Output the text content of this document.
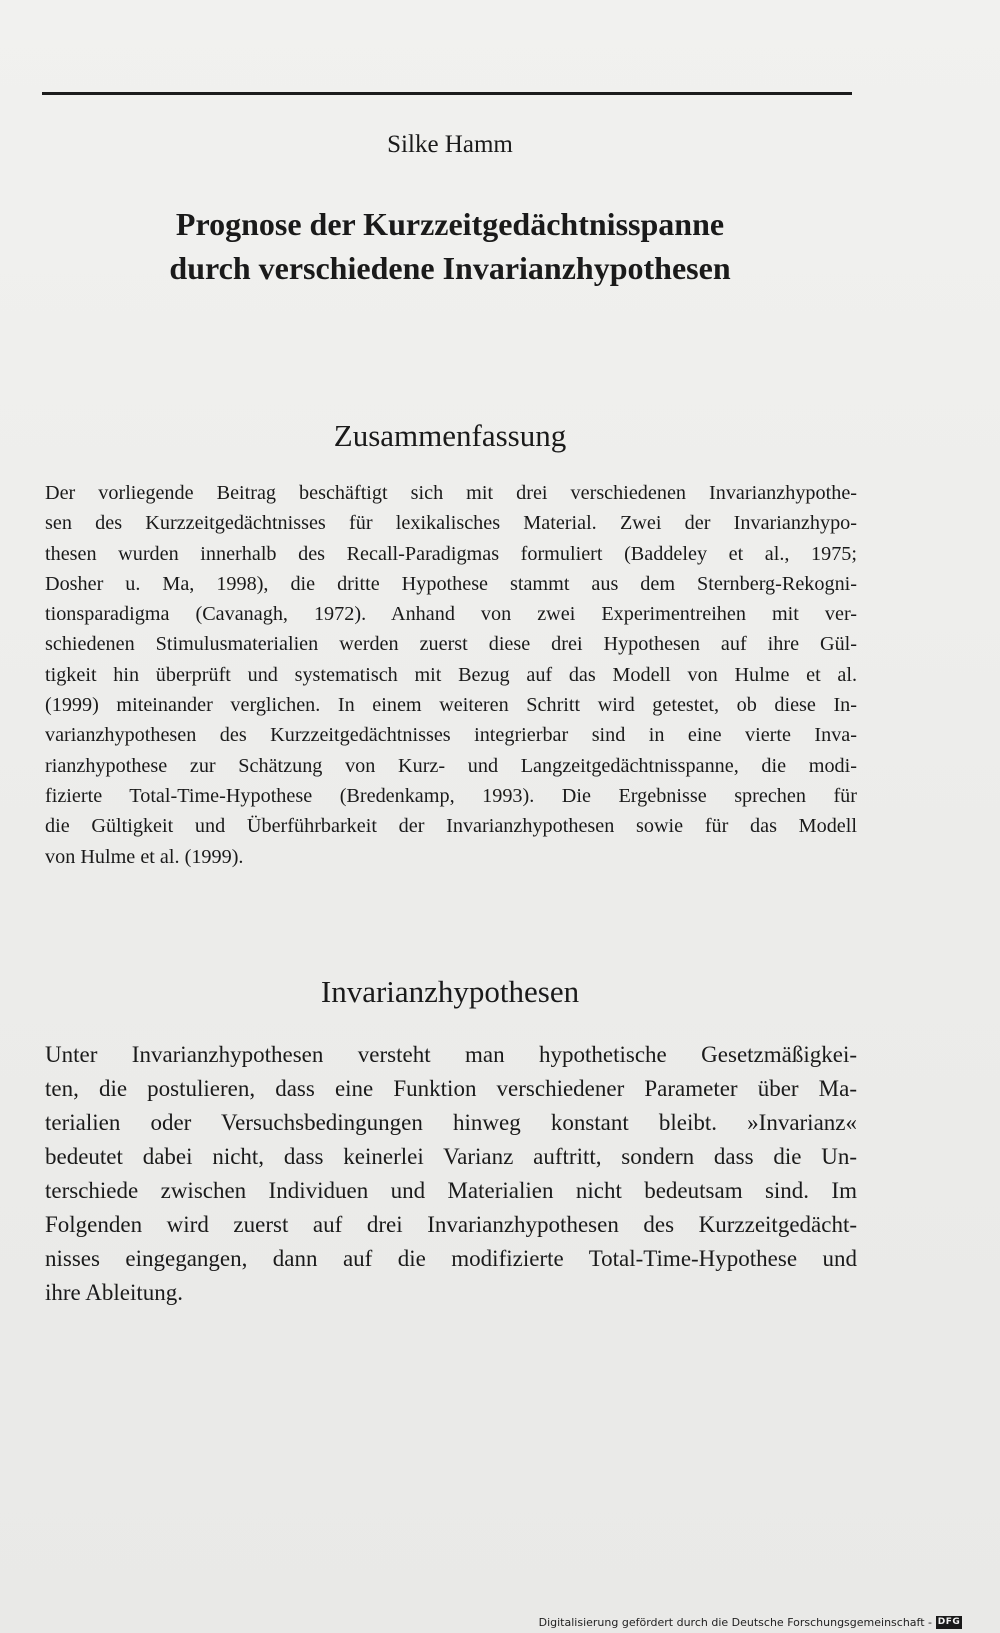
Silke Hamm
Prognose der Kurzzeitgedächtnisspanne
durch verschiedene Invarianzhypothesen
Zusammenfassung
Der vorliegende Beitrag beschäftigt sich mit drei verschiedenen Invarianzhypothe-
sen des Kurzzeitgedächtnisses für lexikalisches Material. Zwei der Invarianzhypo-
thesen wurden innerhalb des Recall-Paradigmas formuliert (Baddeley et al., 1975;
Dosher u. Ma, 1998), die dritte Hypothese stammt aus dem Sternberg-Rekogni-
tionsparadigma (Cavanagh, 1972). Anhand von zwei Experimentreihen mit ver-
schiedenen Stimulusmaterialien werden zuerst diese drei Hypothesen auf ihre Gül-
tigkeit hin überprüft und systematisch mit Bezug auf das Modell von Hulme et al.
(1999) miteinander verglichen. In einem weiteren Schritt wird getestet, ob diese In-
varianzhypothesen des Kurzzeitgedächtnisses integrierbar sind in eine vierte Inva-
rianzhypothese zur Schätzung von Kurz- und Langzeitgedächtnisspanne, die modi-
fizierte Total-Time-Hypothese (Bredenkamp, 1993). Die Ergebnisse sprechen für
die Gültigkeit und Überführbarkeit der Invarianzhypothesen sowie für das Modell
von Hulme et al. (1999).
Invarianzhypothesen
Unter Invarianzhypothesen versteht man hypothetische Gesetzmäßigkei-
ten, die postulieren, dass eine Funktion verschiedener Parameter über Ma-
terialien oder Versuchsbedingungen hinweg konstant bleibt. »Invarianz«
bedeutet dabei nicht, dass keinerlei Varianz auftritt, sondern dass die Un-
terschiede zwischen Individuen und Materialien nicht bedeutsam sind. Im
Folgenden wird zuerst auf drei Invarianzhypothesen des Kurzzeitgedächt-
nisses eingegangen, dann auf die modifizierte Total-Time-Hypothese und
ihre Ableitung.
Digitalisierung gefördert durch die Deutsche Forschungsgemeinschaft - DFG
